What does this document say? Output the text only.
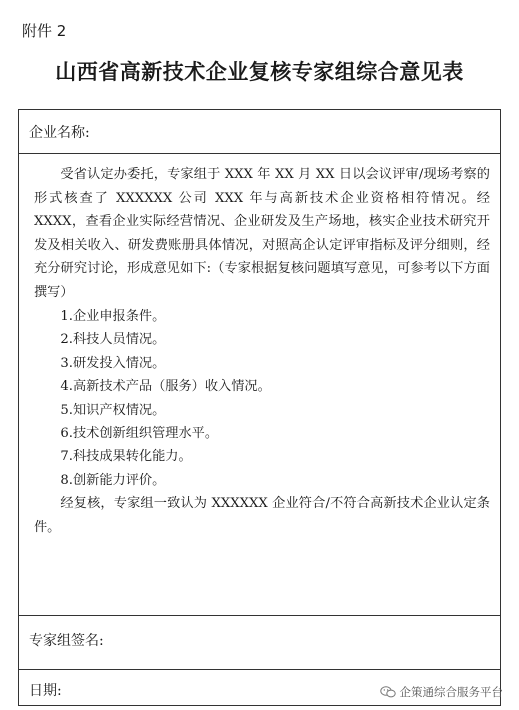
附件 2
山西省高新技术企业复核专家组综合意见表
企业名称:

受省认定办委托，专家组于 XXX 年 XX 月 XX 日以会议评审/现场考察的形式核查了 XXXXXX 公司 XXX 年与高新技术企业资格相符情况。经 XXXX，查看企业实际经营情况、企业研发及生产场地，核实企业技术研究开发及相关收入、研发费账册具体情况，对照高企认定评审指标及评分细则，经充分研究讨论，形成意见如下:（专家根据复核问题填写意见，可参考以下方面撰写）

1.企业申报条件。
2.科技人员情况。
3.研发投入情况。
4.高新技术产品（服务）收入情况。
5.知识产权情况。
6.技术创新组织管理水平。
7.科技成果转化能力。
8.创新能力评价。

经复核，专家组一致认为 XXXXXX 企业符合/不符合高新技术企业认定条件。

专家组签名:
日期:	企策通综合服务平台
